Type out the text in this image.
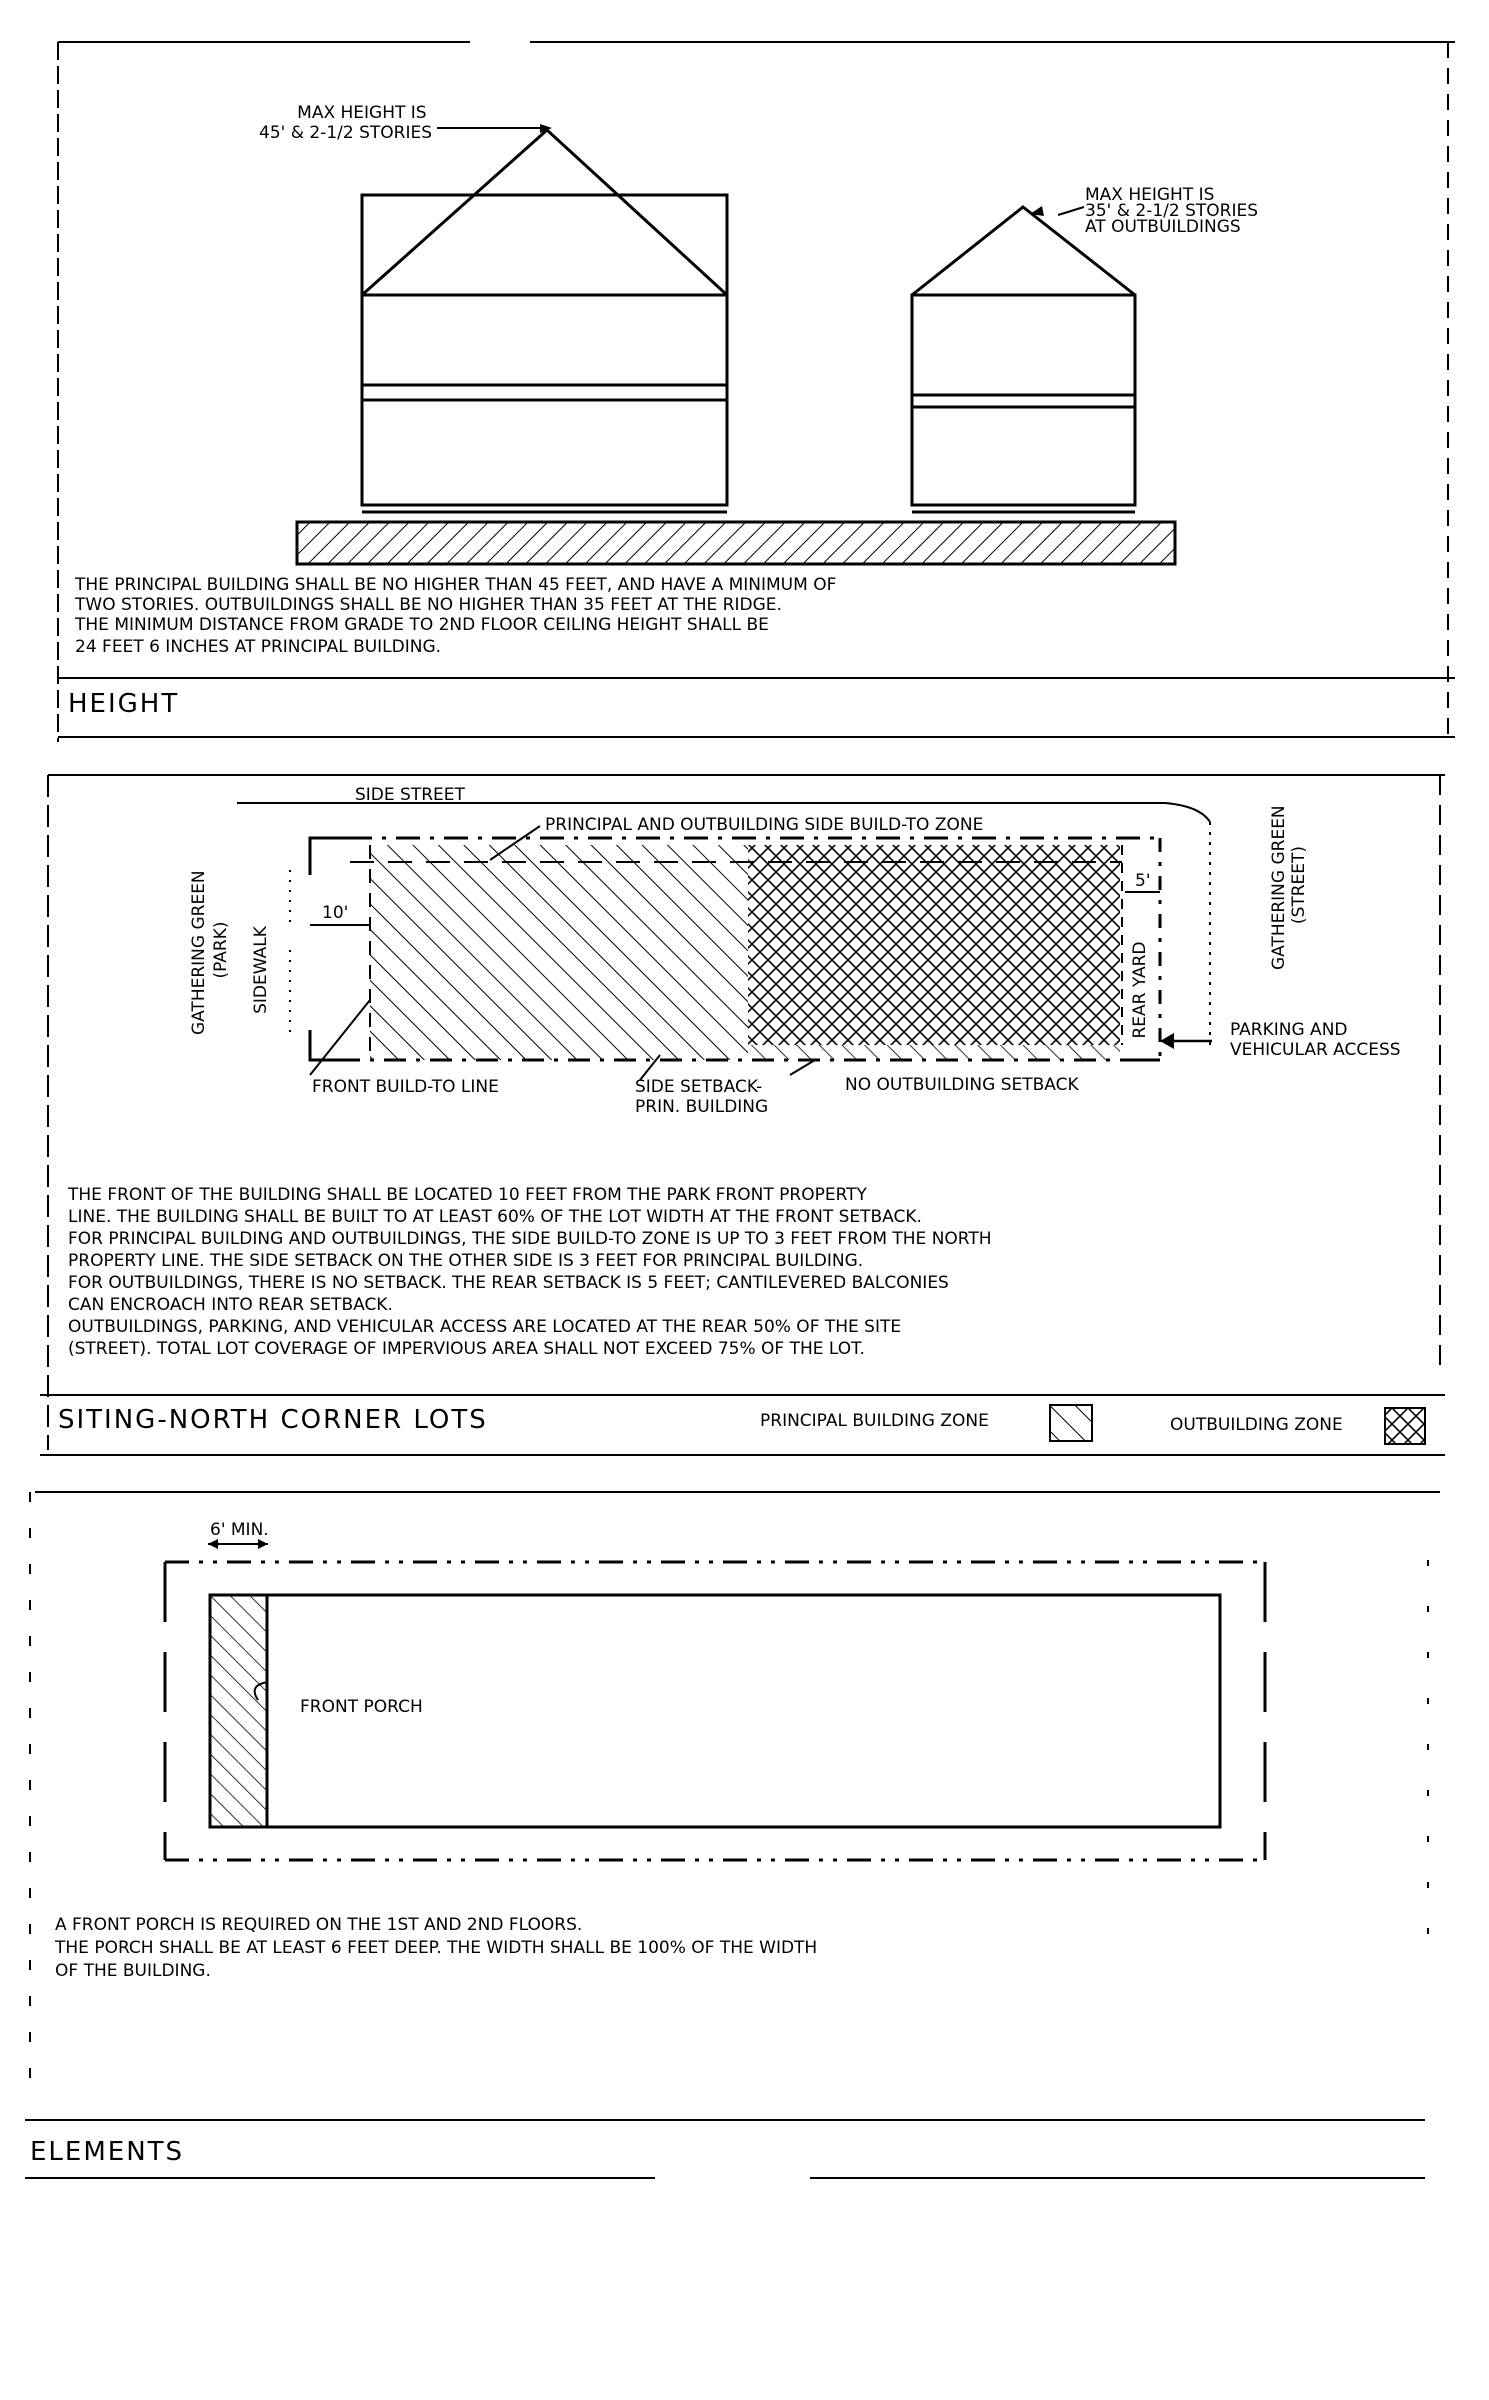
MAX HEIGHT IS 45' & 2-1/2 STORIES
MAX HEIGHT IS 35' & 2-1/2 STORIES AT OUTBUILDINGS
THE PRINCIPAL BUILDING SHALL BE NO HIGHER THAN 45 FEET, AND HAVE A MINIMUM OF TWO STORIES. OUTBUILDINGS SHALL BE NO HIGHER THAN 35 FEET AT THE RIDGE. THE MINIMUM DISTANCE FROM GRADE TO 2ND FLOOR CEILING HEIGHT SHALL BE 24 FEET 6 INCHES AT PRINCIPAL BUILDING.
HEIGHT
GATHERING GREEN (PARK) SIDEWALK
10'
SIDE STREET
PRINCIPAL AND OUTBUILDING SIDE BUILD-TO ZONE
5'
REAR YARD
GATHERING GREEN (STREET)
PARKING AND VEHICULAR ACCESS
FRONT BUILD-TO LINE	SIDE SETBACK- PRIN. BUILDING
NO OUTBUILDING SETBACK
THE FRONT OF THE BUILDING SHALL BE LOCATED 10 FEET FROM THE PARK FRONT PROPERTY LINE. THE BUILDING SHALL BE BUILT TO AT LEAST 60% OF THE LOT WIDTH AT THE FRONT SETBACK. FOR PRINCIPAL BUILDING AND OUTBUILDINGS, THE SIDE BUILD-TO ZONE IS UP TO 3 FEET FROM THE NORTH PROPERTY LINE. THE SIDE SETBACK ON THE OTHER SIDE IS 3 FEET FOR PRINCIPAL BUILDING. FOR OUTBUILDINGS, THERE IS NO SETBACK. THE REAR SETBACK IS 5 FEET; CANTILEVERED BALCONIES CAN ENCROACH INTO REAR SETBACK. OUTBUILDINGS, PARKING, AND VEHICULAR ACCESS ARE LOCATED AT THE REAR 50% OF THE SITE (STREET). TOTAL LOT COVERAGE OF IMPERVIOUS AREA SHALL NOT EXCEED 75% OF THE LOT.
SITING-NORTH CORNER LOTS	PRINCIPAL BUILDING ZONE	OUTBUILDING ZONE
6' MIN.
FRONT PORCH
A FRONT PORCH IS REQUIRED ON THE 1ST AND 2ND FLOORS. THE PORCH SHALL BE AT LEAST 6 FEET DEEP. THE WIDTH SHALL BE 100% OF THE WIDTH OF THE BUILDING.
ELEMENTS
